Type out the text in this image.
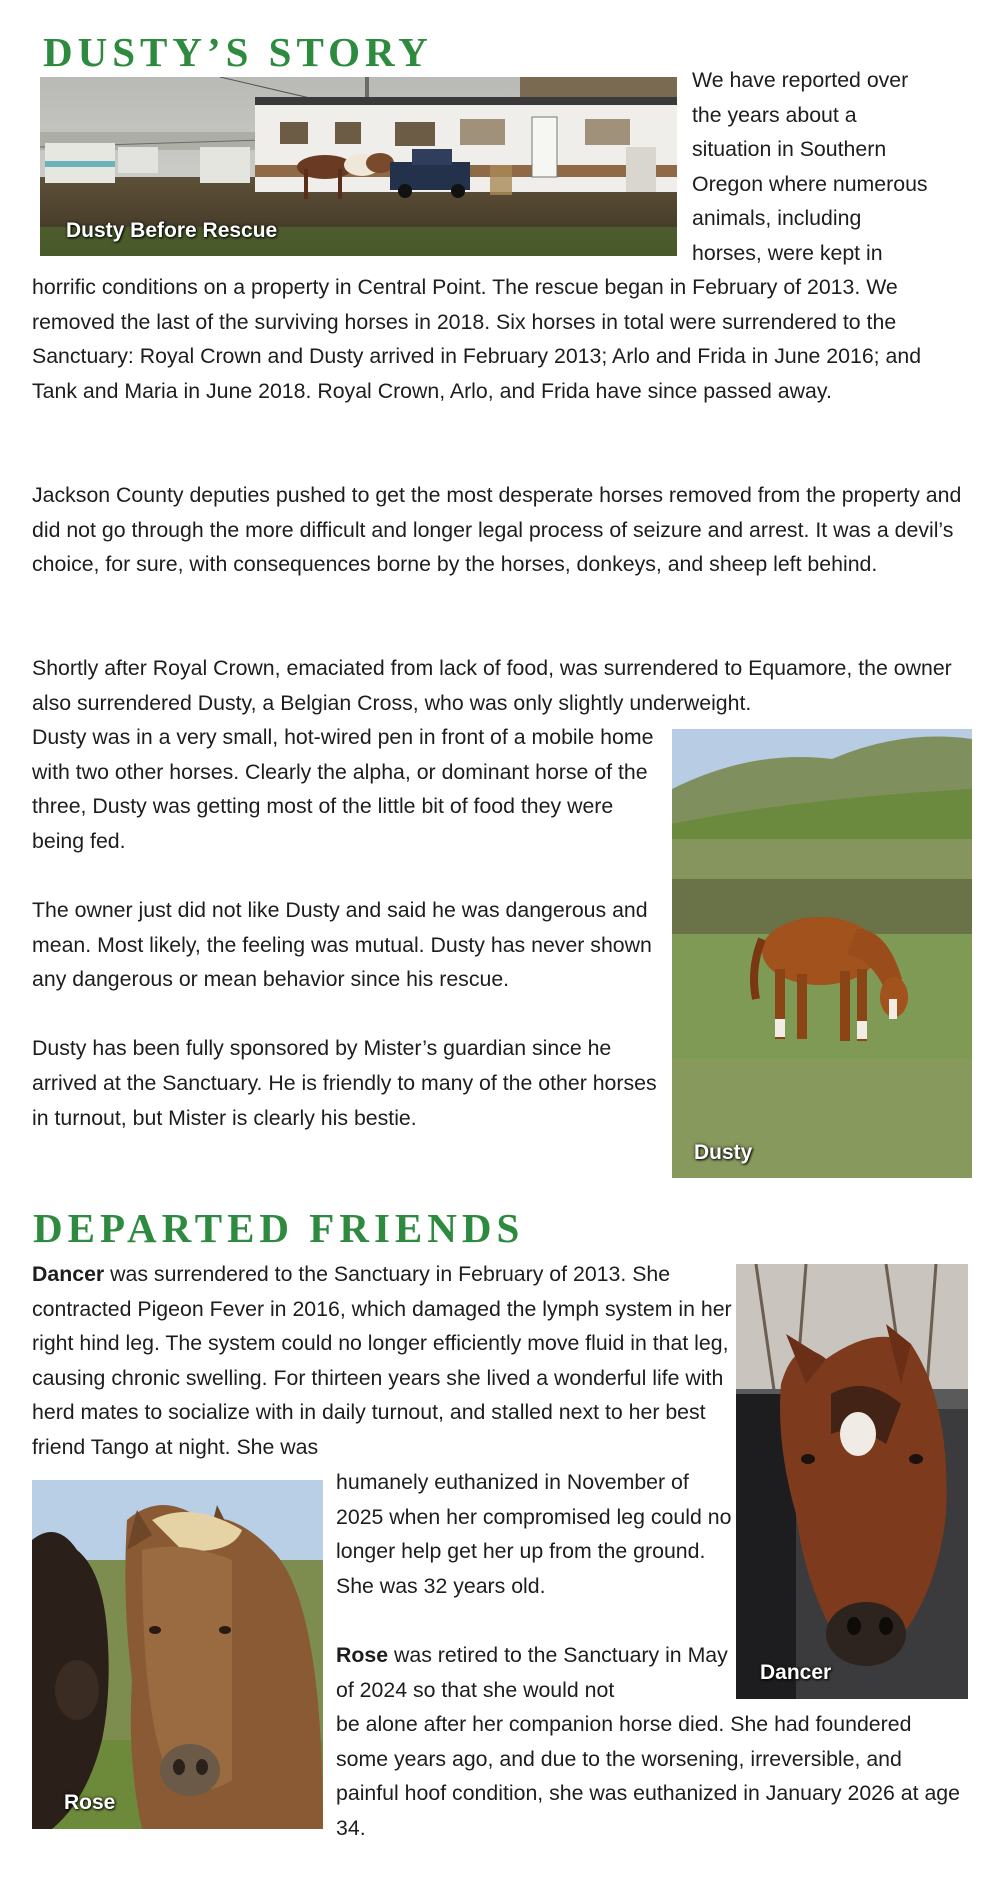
DUSTY’S STORY
Dusty Before Rescue
We have reported over
the years about a
situation in Southern
Oregon where numerous
animals, including
horses, were kept in

horrific conditions on a property in Central Point. The rescue began in February of 2013. We removed the last of the surviving horses in 2018. Six horses in total were surrendered to the Sanctuary: Royal Crown and Dusty arrived in February 2013; Arlo and Frida in June 2016; and Tank and Maria in June 2018. Royal Crown, Arlo, and Frida have since passed away.

Jackson County deputies pushed to get the most desperate horses removed from the property and did not go through the more difficult and longer legal process of seizure and arrest. It was a devil’s choice, for sure, with consequences borne by the horses, donkeys, and sheep left behind.

Shortly after Royal Crown, emaciated from lack of food, was surrendered to Equamore, the owner also surrendered Dusty, a Belgian Cross, who was only slightly underweight.

Dusty was in a very small, hot-wired pen in front of a mobile home with two other horses. Clearly the alpha, or dominant horse of the three, Dusty was getting most of the little bit of food they were being fed.

The owner just did not like Dusty and said he was dangerous and mean. Most likely, the feeling was mutual. Dusty has never shown any dangerous or mean behavior since his rescue.

Dusty has been fully sponsored by Mister’s guardian since he arrived at the Sanctuary. He is friendly to many of the other horses in turnout, but Mister is clearly his bestie.

Dusty
DEPARTED FRIENDS

Dancer was surrendered to the Sanctuary in February of 2013. She contracted Pigeon Fever in 2016, which damaged the lymph system in her right hind leg. The system could no longer efficiently move fluid in that leg, causing chronic swelling. For thirteen years she lived a wonderful life with herd mates to socialize with in daily turnout, and stalled next to her best friend Tango at night. She was

Dancer
Rose

humanely euthanized in November of 2025 when her compromised leg could no longer help get her up from the ground. She was 32 years old.

Rose was retired to the Sanctuary in May of 2024 so that she would not

be alone after her companion horse died. She had foundered some years ago, and due to the worsening, irreversible, and painful hoof condition, she was euthanized in January 2026 at age 34.
